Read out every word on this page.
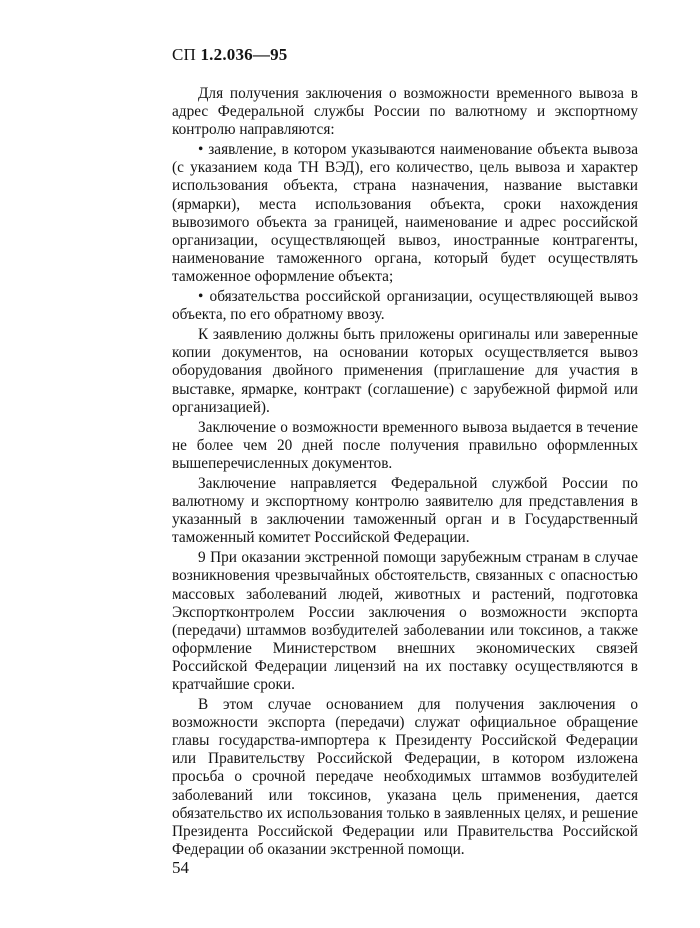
СП 1.2.036—95

Для получения заключения о возможности временного вывоза в адрес Федеральной службы России по валютному и экспортному контролю направляются:

• заявление, в котором указываются наименование объекта вывоза (с указанием кода ТН ВЭД), его количество, цель вывоза и характер использования объекта, страна назначения, название выставки (ярмарки), места использования объекта, сроки нахождения вывозимого объекта за границей, наименование и адрес российской организации, осуществляющей вывоз, иностранные контрагенты, наименование таможенного органа, который будет осуществлять таможенное оформление объекта;

• обязательства российской организации, осуществляющей вывоз объекта, по его обратному ввозу.

К заявлению должны быть приложены оригиналы или заверенные копии документов, на основании которых осуществляется вывоз оборудования двойного применения (приглашение для участия в выставке, ярмарке, контракт (соглашение) с зарубежной фирмой или организацией).

Заключение о возможности временного вывоза выдается в течение не более чем 20 дней после получения правильно оформленных вышеперечисленных документов.

Заключение направляется Федеральной службой России по валютному и экспортному контролю заявителю для представления в указанный в заключении таможенный орган и в Государственный таможенный комитет Российской Федерации.

9 При оказании экстренной помощи зарубежным странам в случае возникновения чрезвычайных обстоятельств, связанных с опасностью массовых заболеваний людей, животных и растений, подготовка Экспортконтролем России заключения о возможности экспорта (передачи) штаммов возбудителей заболевании или токсинов, а также оформление Министерством внешних экономических связей Российской Федерации лицензий на их поставку осуществляются в кратчайшие сроки.

В этом случае основанием для получения заключения о возможности экспорта (передачи) служат официальное обращение главы государства-импортера к Президенту Российской Федерации или Правительству Российской Федерации, в котором изложена просьба о срочной передаче необходимых штаммов возбудителей заболеваний или токсинов, указана цель применения, дается обязательство их использования только в заявленных целях, и решение Президента Российской Федерации или Правительства Российской Федерации об оказании экстренной помощи.

54
